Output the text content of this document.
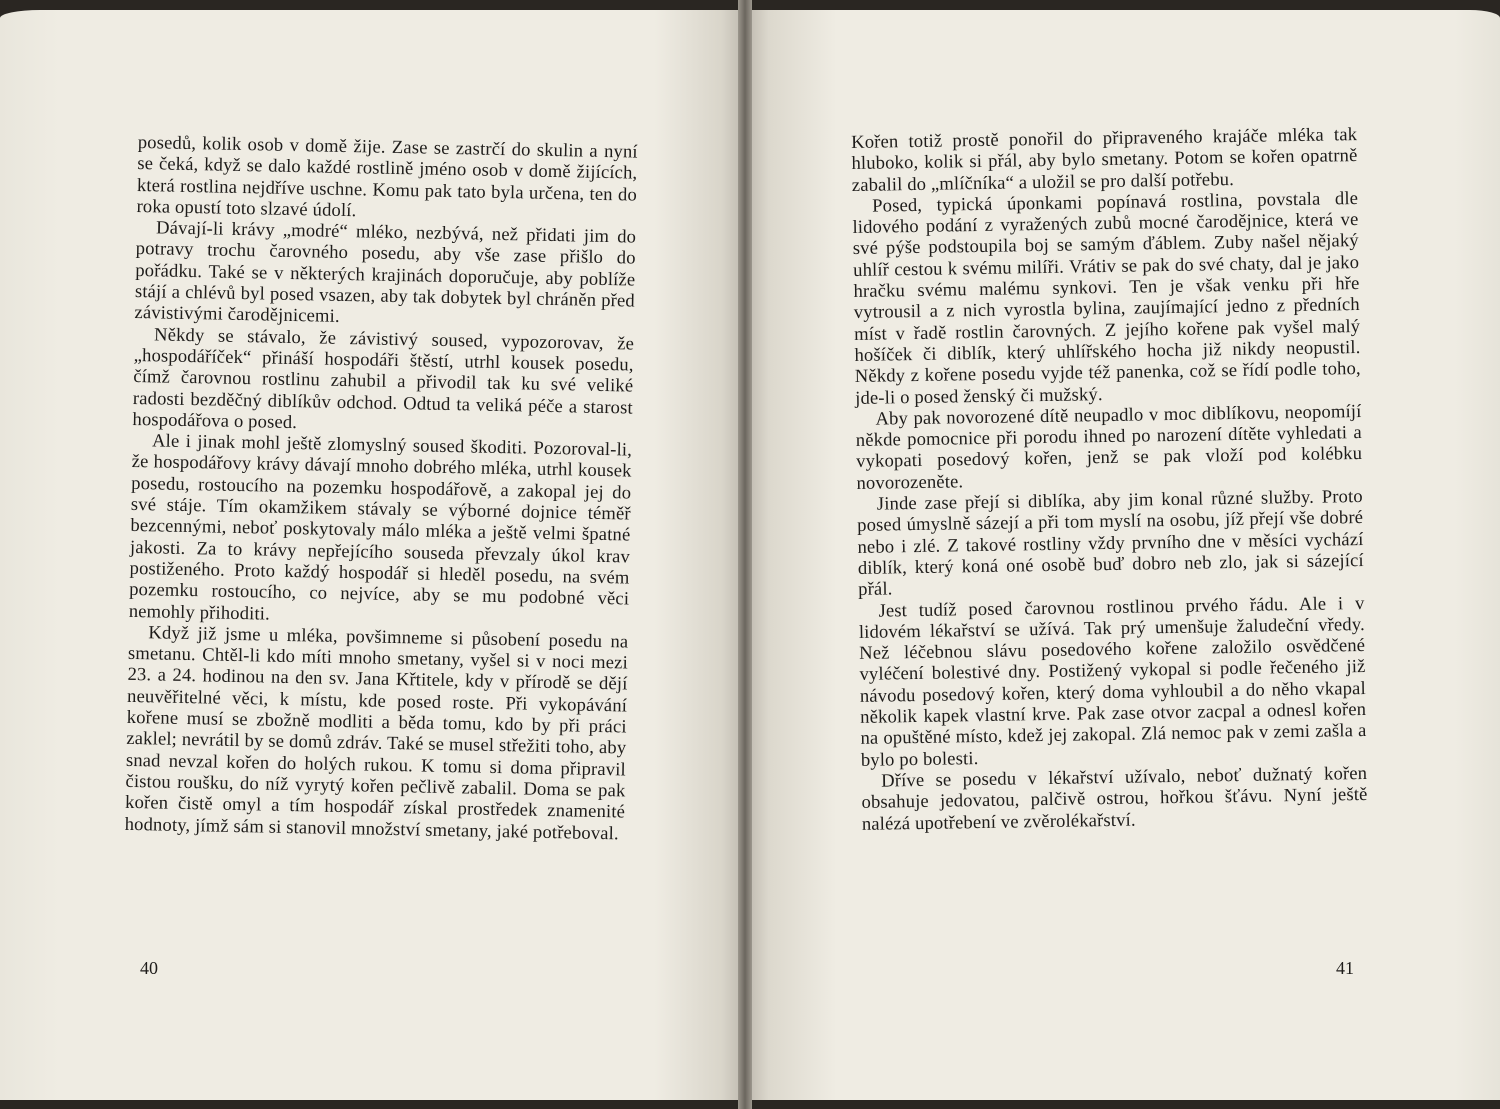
posedů, kolik osob v domě žije. Zase se zastrčí do skulin a nyní se čeká, když se dalo každé rostlině jméno osob v domě žijících, která rostlina nejdříve uschne. Komu pak tato byla určena, ten do roka opustí toto slzavé údolí.

Dávají-li krávy „modré“ mléko, nezbývá, než přidati jim do potravy trochu čarovného posedu, aby vše zase přišlo do pořádku. Také se v některých krajinách doporučuje, aby poblíže stájí a chlévů byl posed vsazen, aby tak dobytek byl chráněn před závistivými čarodějnicemi.

Někdy se stávalo, že závistivý soused, vypozorovav, že „hospodáříček“ přináší hospodáři štěstí, utrhl kousek posedu, čímž čarovnou rostlinu zahubil a přivodil tak ku své veliké radosti bezděčný diblíkův odchod. Odtud ta veliká péče a starost hospodářova o posed.

Ale i jinak mohl ještě zlomyslný soused škoditi. Pozoroval-li, že hospodářovy krávy dávají mnoho dobrého mléka, utrhl kousek posedu, rostoucího na pozemku hospodářově, a zakopal jej do své stáje. Tím okamžikem stávaly se výborné dojnice téměř bezcennými, neboť poskytovaly málo mléka a ještě velmi špatné jakosti. Za to krávy nepřejícího souseda převzaly úkol krav postiženého. Proto každý hospodář si hleděl posedu, na svém pozemku rostoucího, co nejvíce, aby se mu podobné věci nemohly přihoditi.

Když již jsme u mléka, povšimneme si působení posedu na smetanu. Chtěl-li kdo míti mnoho smetany, vyšel si v noci mezi 23. a 24. hodinou na den sv. Jana Křtitele, kdy v přírodě se dějí neuvěřitelné věci, k místu, kde posed roste. Při vykopávání kořene musí se zbožně modliti a běda tomu, kdo by při práci zaklel; nevrátil by se domů zdráv. Také se musel střežiti toho, aby snad nevzal kořen do holých rukou. K tomu si doma připravil čistou roušku, do níž vyrytý kořen pečlivě zabalil. Doma se pak kořen čistě omyl a tím hospodář získal prostředek znamenité hodnoty, jímž sám si stanovil množství smetany, jaké potřeboval.

40

Kořen totiž prostě ponořil do připraveného krajáče mléka tak hluboko, kolik si přál, aby bylo smetany. Potom se kořen opatrně zabalil do „mlíčníka“ a uložil se pro další potřebu.

Posed, typická úponkami popínavá rostlina, povstala dle lidového podání z vyražených zubů mocné čarodějnice, která ve své pýše podstoupila boj se samým ďáblem. Zuby našel nějaký uhlíř cestou k svému milíři. Vrátiv se pak do své chaty, dal je jako hračku svému malému synkovi. Ten je však venku při hře vytrousil a z nich vyrostla bylina, zaujímající jedno z předních míst v řadě rostlin čarovných. Z jejího kořene pak vyšel malý hošíček či diblík, který uhlířského hocha již nikdy neopustil. Někdy z kořene posedu vyjde též panenka, což se řídí podle toho, jde-li o posed ženský či mužský.

Aby pak novorozené dítě neupadlo v moc diblíkovu, neopomíjí někde pomocnice při porodu ihned po narození dítěte vyhledati a vykopati posedový kořen, jenž se pak vloží pod kolébku novorozeněte.

Jinde zase přejí si diblíka, aby jim konal různé služby. Proto posed úmyslně sázejí a při tom myslí na osobu, jíž přejí vše dobré nebo i zlé. Z takové rostliny vždy prvního dne v měsíci vychází diblík, který koná oné osobě buď dobro neb zlo, jak si sázející přál.

Jest tudíž posed čarovnou rostlinou prvého řádu. Ale i v lidovém lékařství se užívá. Tak prý umenšuje žaludeční vředy. Než léčebnou slávu posedového kořene založilo osvědčené vyléčení bolestivé dny. Postižený vykopal si podle řečeného již návodu posedový kořen, který doma vyhloubil a do něho vkapal několik kapek vlastní krve. Pak zase otvor zacpal a odnesl kořen na opuštěné místo, kdež jej zakopal. Zlá nemoc pak v zemi zašla a bylo po bolesti.

Dříve se posedu v lékařství užívalo, neboť dužnatý kořen obsahuje jedovatou, palčivě ostrou, hořkou šťávu. Nyní ještě nalézá upotřebení ve zvěrolékařství.

41
